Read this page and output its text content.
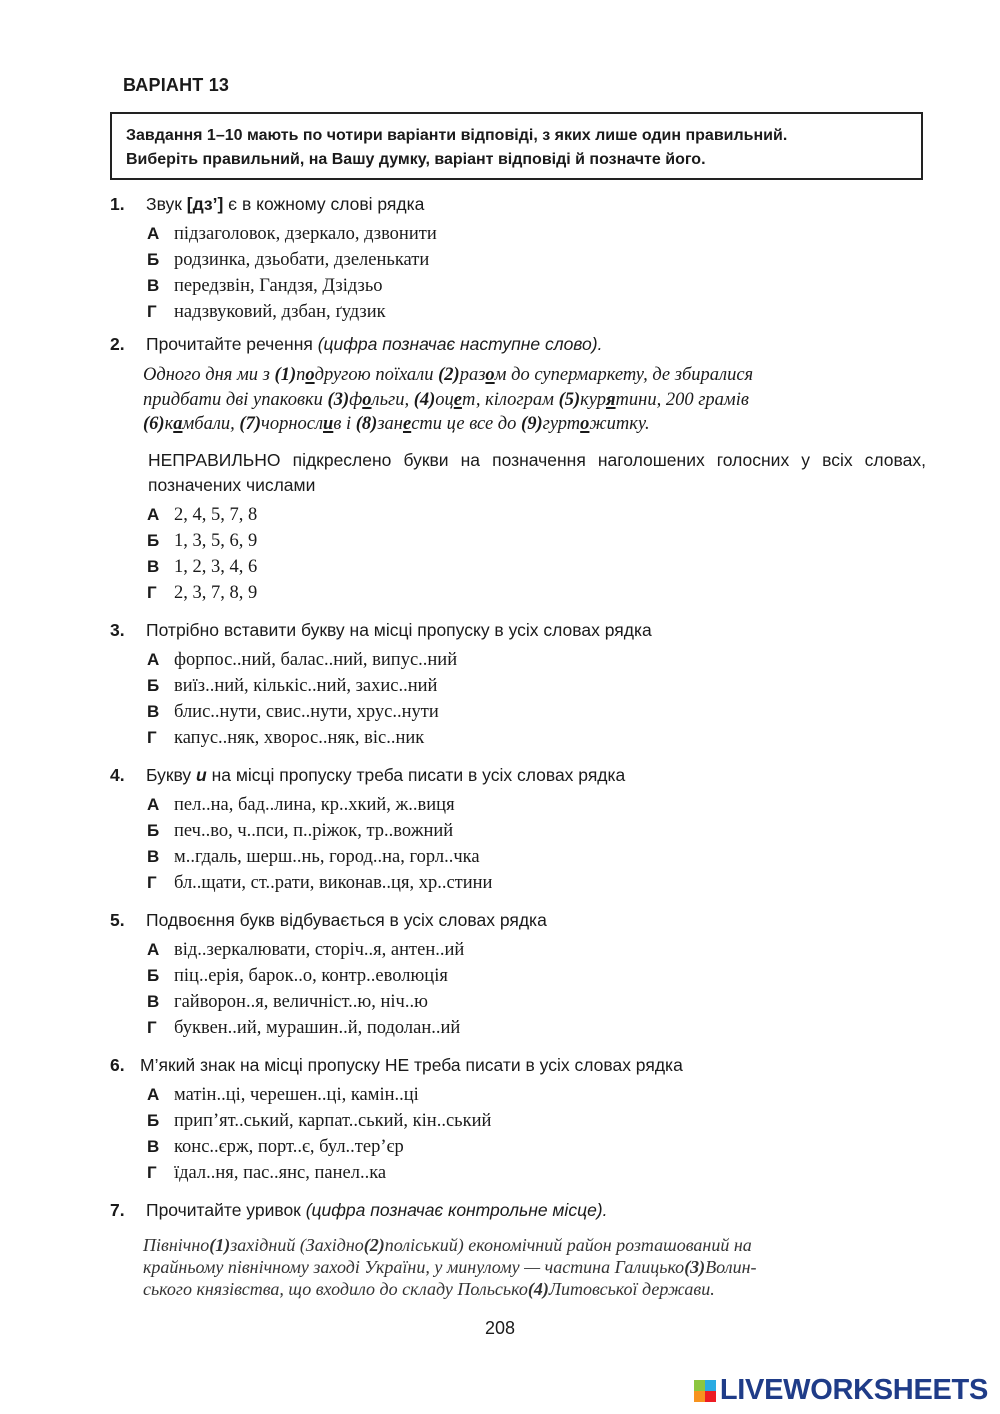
ВАРІАНТ 13
Завдання 1–10 мають по чотири варіанти відповіді, з яких лише один правильний.
Виберіть правильний, на Вашу думку, варіант відповіді й позначте його.
1. Звук [дз’] є в кожному слові рядка
А підзаголовок, дзеркало, дзвонити
Б родзинка, дзьобати, дзеленькати
В передзвін, Гандзя, Дзідзьо
Г надзвуковий, дзбан, ґудзик
2. Прочитайте речення (цифра позначає наступне слово).
Одного дня ми з (1)подругою поїхали (2)разом до супермаркету, де збиралися
придбати дві упаковки (3)фольги, (4)оцет, кілограм (5)курятини, 200 грамів
(6)камбали, (7)чорнослив і (8)занести це все до (9)гуртожитку.
НЕПРАВИЛЬНО підкреслено букви на позначення наголошених голосних у всіх словах, позначених числами
А 2, 4, 5, 7, 8
Б 1, 3, 5, 6, 9
В 1, 2, 3, 4, 6
Г 2, 3, 7, 8, 9
3. Потрібно вставити букву на місці пропуску в усіх словах рядка
А форпос..ний, балас..ний, випус..ний
Б виїз..ний, кількіс..ний, захис..ний
В блис..нути, свис..нути, хрус..нути
Г капус..няк, хворос..няк, віс..ник
4. Букву и на місці пропуску треба писати в усіх словах рядка
А пел..на, бад..лина, кр..хкий, ж..виця
Б печ..во, ч..пси, п..ріжок, тр..вожний
В м..гдаль, шерш..нь, город..на, горл..чка
Г бл..щати, ст..рати, виконав..ця, хр..стини
5. Подвоєння букв відбувається в усіх словах рядка
А від..зеркалювати, сторіч..я, антен..ий
Б піц..ерія, барок..о, контр..еволюція
В гайворон..я, величніст..ю, ніч..ю
Г буквен..ий, мурашин..й, подолан..ий
6. М’який знак на місці пропуску НЕ треба писати в усіх словах рядка
А матін..ці, черешен..ці, камін..ці
Б прип’ят..ський, карпат..ський, кін..ський
В конс..єрж, порт..є, бул..тер’єр
Г їдал..ня, пас..янс, панел..ка
7. Прочитайте уривок (цифра позначає контрольне місце).
Північно(1)західний (Західно(2)поліський) економічний район розташований на
крайньому північному заході України, у минулому — частина Галицько(3)Волин-
ського князівства, що входило до складу Польсько(4)Литовської держави.
208
LIVEWORKSHEETS
